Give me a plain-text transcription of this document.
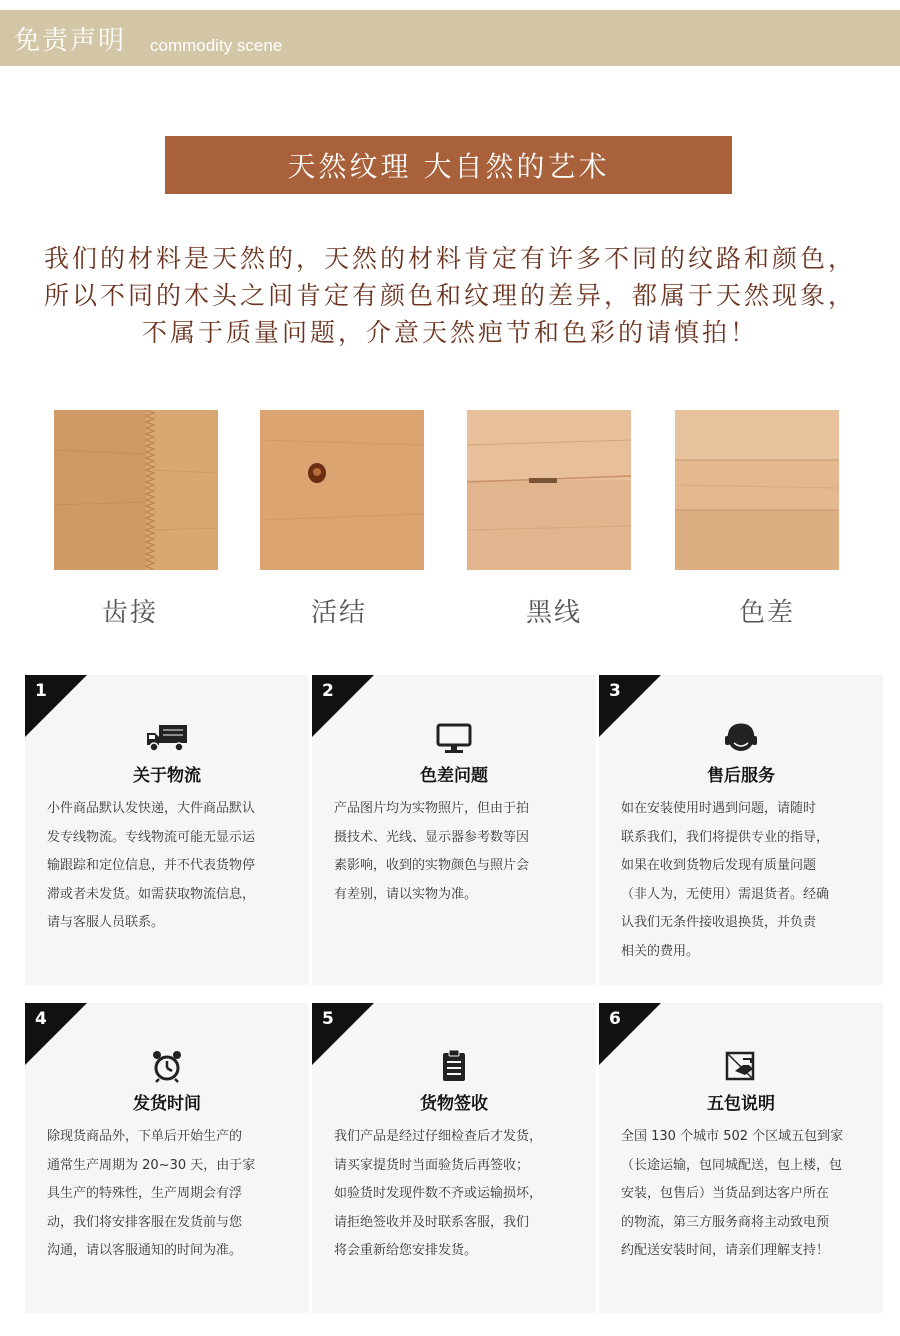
免责声明 commodity scene
天然纹理 大自然的艺术
我们的材料是天然的，天然的材料肯定有许多不同的纹路和颜色，
所以不同的木头之间肯定有颜色和纹理的差异，都属于天然现象，
不属于质量问题，介意天然疤节和色彩的请慎拍！
齿接	活结	黑线	色差
1
关于物流
小件商品默认发快递，大件商品默认
发专线物流。专线物流可能无显示运
输跟踪和定位信息，并不代表货物停
滞或者未发货。如需获取物流信息，
请与客服人员联系。
2
色差问题
产品图片均为实物照片，但由于拍
摄技术、光线、显示器参考数等因
素影响，收到的实物颜色与照片会
有差别，请以实物为准。
3
售后服务
如在安装使用时遇到问题，请随时
联系我们，我们将提供专业的指导，
如果在收到货物后发现有质量问题
（非人为，无使用）需退货者。经确
认我们无条件接收退换货，并负责
相关的费用。
4
发货时间
除现货商品外，下单后开始生产的
通常生产周期为 20~30 天，由于家
具生产的特殊性，生产周期会有浮
动，我们将安排客服在发货前与您
沟通，请以客服通知的时间为准。
5
货物签收
我们产品是经过仔细检查后才发货，
请买家提货时当面验货后再签收；
如验货时发现件数不齐或运输损坏，
请拒绝签收并及时联系客服，我们
将会重新给您安排发货。
6
五包说明
全国 130 个城市 502 个区域五包到家
（长途运输，包同城配送，包上楼，包
安装，包售后）当货品到达客户所在
的物流，第三方服务商将主动致电预
约配送安装时间，请亲们理解支持！
